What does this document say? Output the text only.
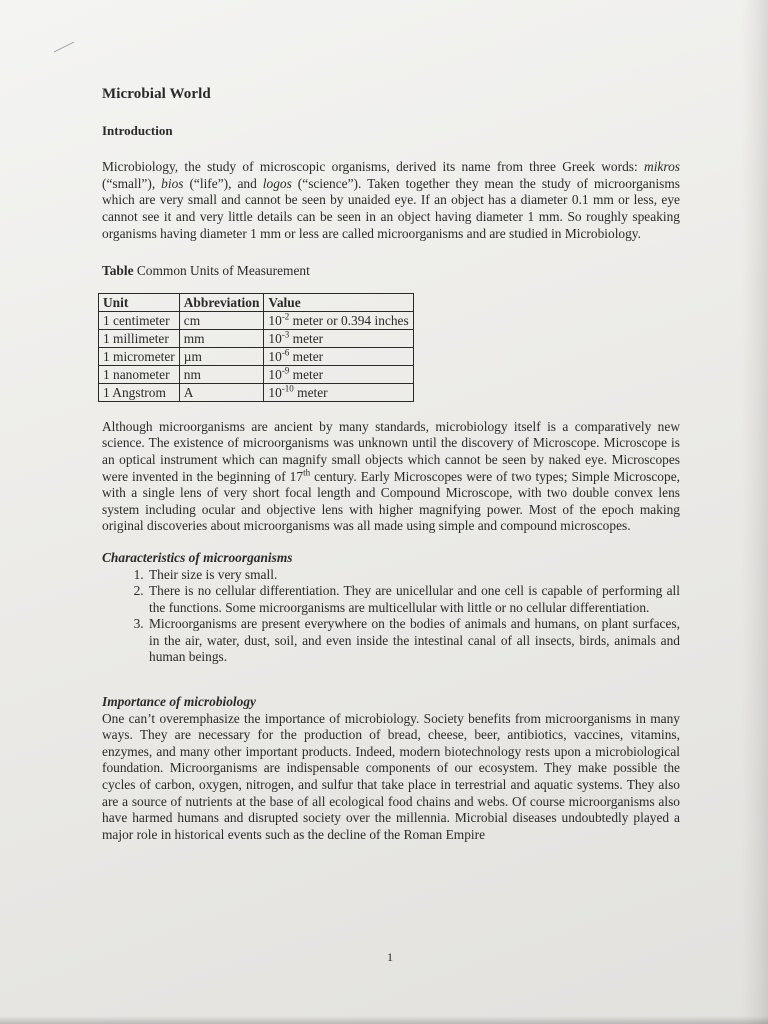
Microbial World
Introduction

Microbiology, the study of microscopic organisms, derived its name from three Greek words: mikros (“small”), bios (“life”), and logos (“science”). Taken together they mean the study of microorganisms which are very small and cannot be seen by unaided eye. If an object has a diameter 0.1 mm or less, eye cannot see it and very little details can be seen in an object having diameter 1 mm. So roughly speaking organisms having diameter 1 mm or less are called microorganisms and are studied in Microbiology.

Table Common Units of Measurement

Unit	Abbreviation	Value
1 centimeter	cm	$10^{-2}$ meter or 0.394 inches
1 millimeter	mm	$10^{-3}$ meter
1 micrometer	µm	$10^{-6}$ meter
1 nanometer	nm	$10^{-9}$ meter
1 Angstrom	A	$10^{-10}$ meter

Although microorganisms are ancient by many standards, microbiology itself is a comparatively new science. The existence of microorganisms was unknown until the discovery of Microscope. Microscope is an optical instrument which can magnify small objects which cannot be seen by naked eye. Microscopes were invented in the beginning of 17th century. Early Microscopes were of two types; Simple Microscope, with a single lens of very short focal length and Compound Microscope, with two double convex lens system including ocular and objective lens with higher magnifying power. Most of the epoch making original discoveries about microorganisms was all made using simple and compound microscopes.

Characteristics of microorganisms

1. Their size is very small.
2. There is no cellular differentiation. They are unicellular and one cell is capable of performing all the functions. Some microorganisms are multicellular with little or no cellular differentiation.
3. Microorganisms are present everywhere on the bodies of animals and humans, on plant surfaces, in the air, water, dust, soil, and even inside the intestinal canal of all insects, birds, animals and human beings.

Importance of microbiology

One can’t overemphasize the importance of microbiology. Society benefits from microorganisms in many ways. They are necessary for the production of bread, cheese, beer, antibiotics, vaccines, vitamins, enzymes, and many other important products. Indeed, modern biotechnology rests upon a microbiological foundation. Microorganisms are indispensable components of our ecosystem. They make possible the cycles of carbon, oxygen, nitrogen, and sulfur that take place in terrestrial and aquatic systems. They also are a source of nutrients at the base of all ecological food chains and webs. Of course microorganisms also have harmed humans and disrupted society over the millennia. Microbial diseases undoubtedly played a major role in historical events such as the decline of the Roman Empire

1
